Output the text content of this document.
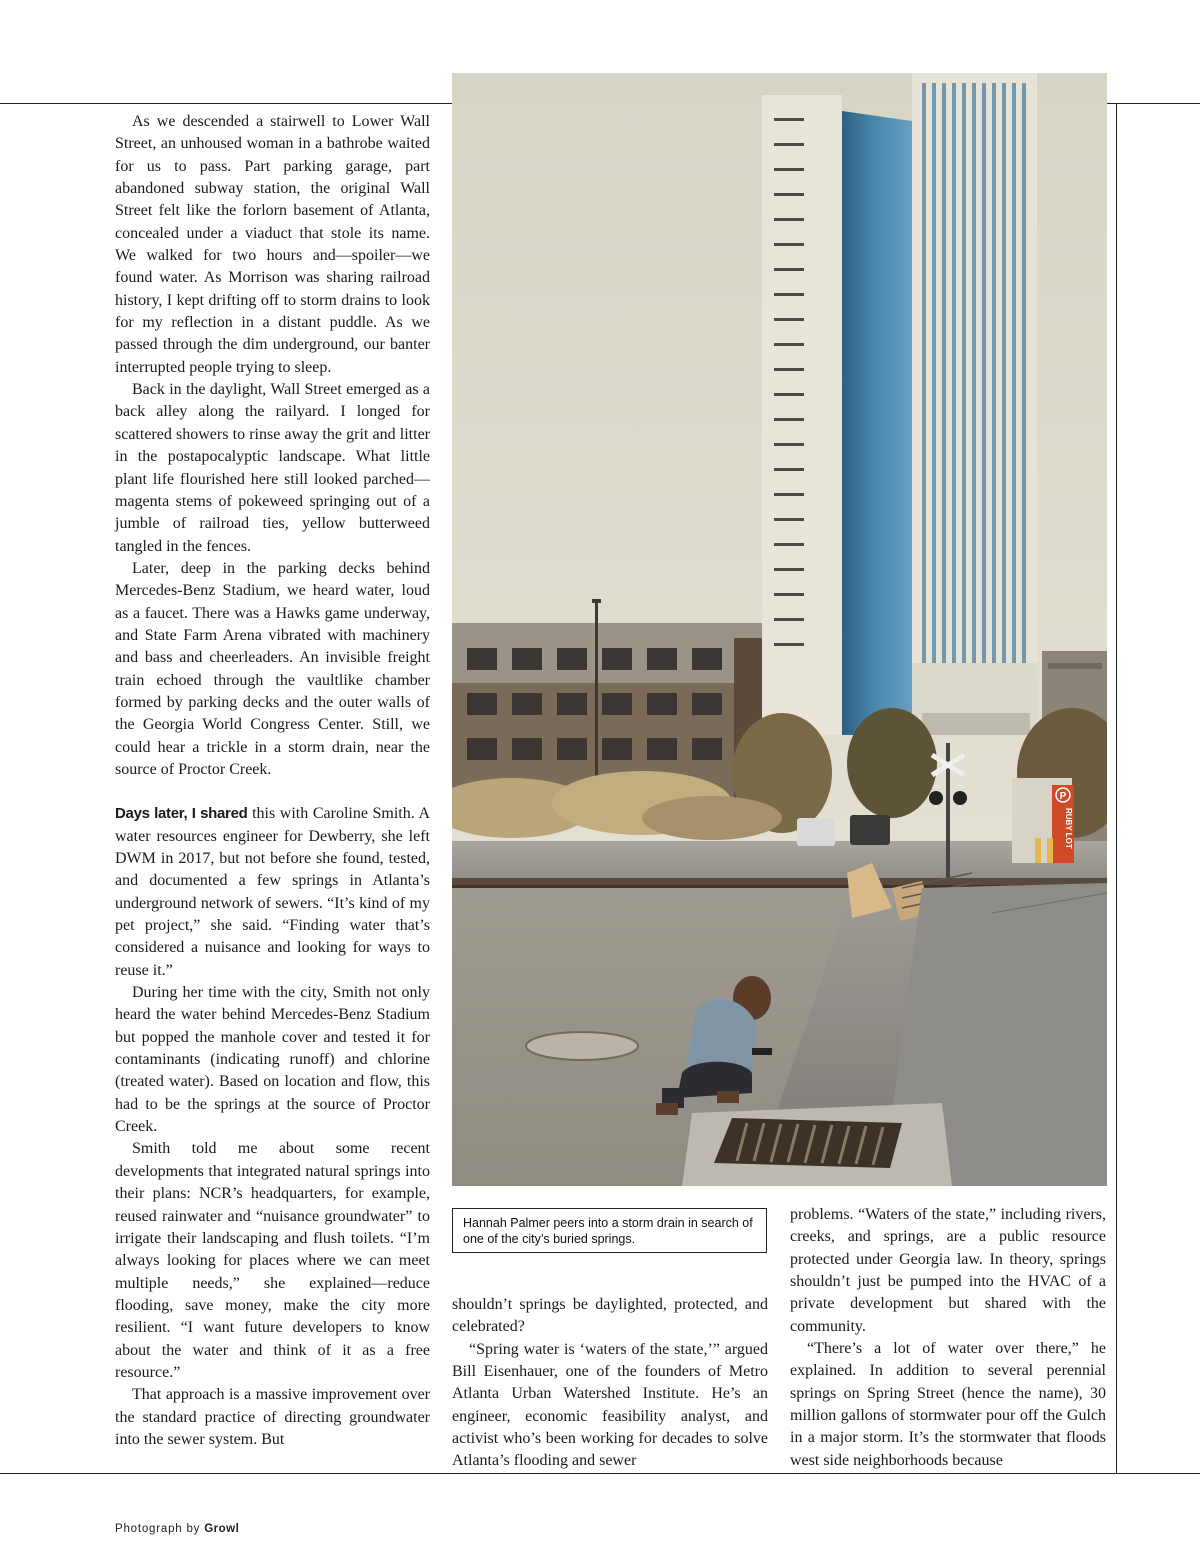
As we descended a stairwell to Lower Wall Street, an unhoused woman in a bathrobe waited for us to pass. Part parking garage, part abandoned subway station, the original Wall Street felt like the forlorn basement of Atlanta, concealed under a viaduct that stole its name. We walked for two hours and—spoiler—we found water. As Morrison was sharing railroad history, I kept drifting off to storm drains to look for my reflection in a distant puddle. As we passed through the dim underground, our banter interrupted people trying to sleep.

Back in the daylight, Wall Street emerged as a back alley along the railyard. I longed for scattered showers to rinse away the grit and litter in the postapocalyptic landscape. What little plant life flourished here still looked parched—magenta stems of pokeweed springing out of a jumble of railroad ties, yellow butterweed tangled in the fences.

Later, deep in the parking decks behind Mercedes-Benz Stadium, we heard water, loud as a faucet. There was a Hawks game underway, and State Farm Arena vibrated with machinery and bass and cheerleaders. An invisible freight train echoed through the vaultlike chamber formed by parking decks and the outer walls of the Georgia World Congress Center. Still, we could hear a trickle in a storm drain, near the source of Proctor Creek.

Days later, I shared this with Caroline Smith. A water resources engineer for Dewberry, she left DWM in 2017, but not before she found, tested, and documented a few springs in Atlanta’s underground network of sewers. “It’s kind of my pet project,” she said. “Finding water that’s considered a nuisance and looking for ways to reuse it.”

During her time with the city, Smith not only heard the water behind Mercedes-Benz Stadium but popped the manhole cover and tested it for contaminants (indicating runoff) and chlorine (treated water). Based on location and flow, this had to be the springs at the source of Proctor Creek.

Smith told me about some recent developments that integrated natural springs into their plans: NCR’s headquarters, for example, reused rainwater and “nuisance groundwater” to irrigate their landscaping and flush toilets. “I’m always looking for places where we can meet multiple needs,” she explained—reduce flooding, save money, make the city more resilient. “I want future developers to know about the water and think of it as a free resource.”

That approach is a massive improvement over the standard practice of directing groundwater into the sewer system. But

P
RUBY LOT
Hannah Palmer peers into a storm drain in search of one of the city’s buried springs.

shouldn’t springs be daylighted, protected, and celebrated?

“Spring water is ‘waters of the state,’” argued Bill Eisenhauer, one of the founders of Metro Atlanta Urban Watershed Institute. He’s an engineer, economic feasibility analyst, and activist who’s been working for decades to solve Atlanta’s flooding and sewer

problems. “Waters of the state,” including rivers, creeks, and springs, are a public resource protected under Georgia law. In theory, springs shouldn’t just be pumped into the HVAC of a private development but shared with the community.

“There’s a lot of water over there,” he explained. In addition to several perennial springs on Spring Street (hence the name), 30 million gallons of stormwater pour off the Gulch in a major storm. It’s the stormwater that floods west side neighborhoods because

Photograph by Growl
